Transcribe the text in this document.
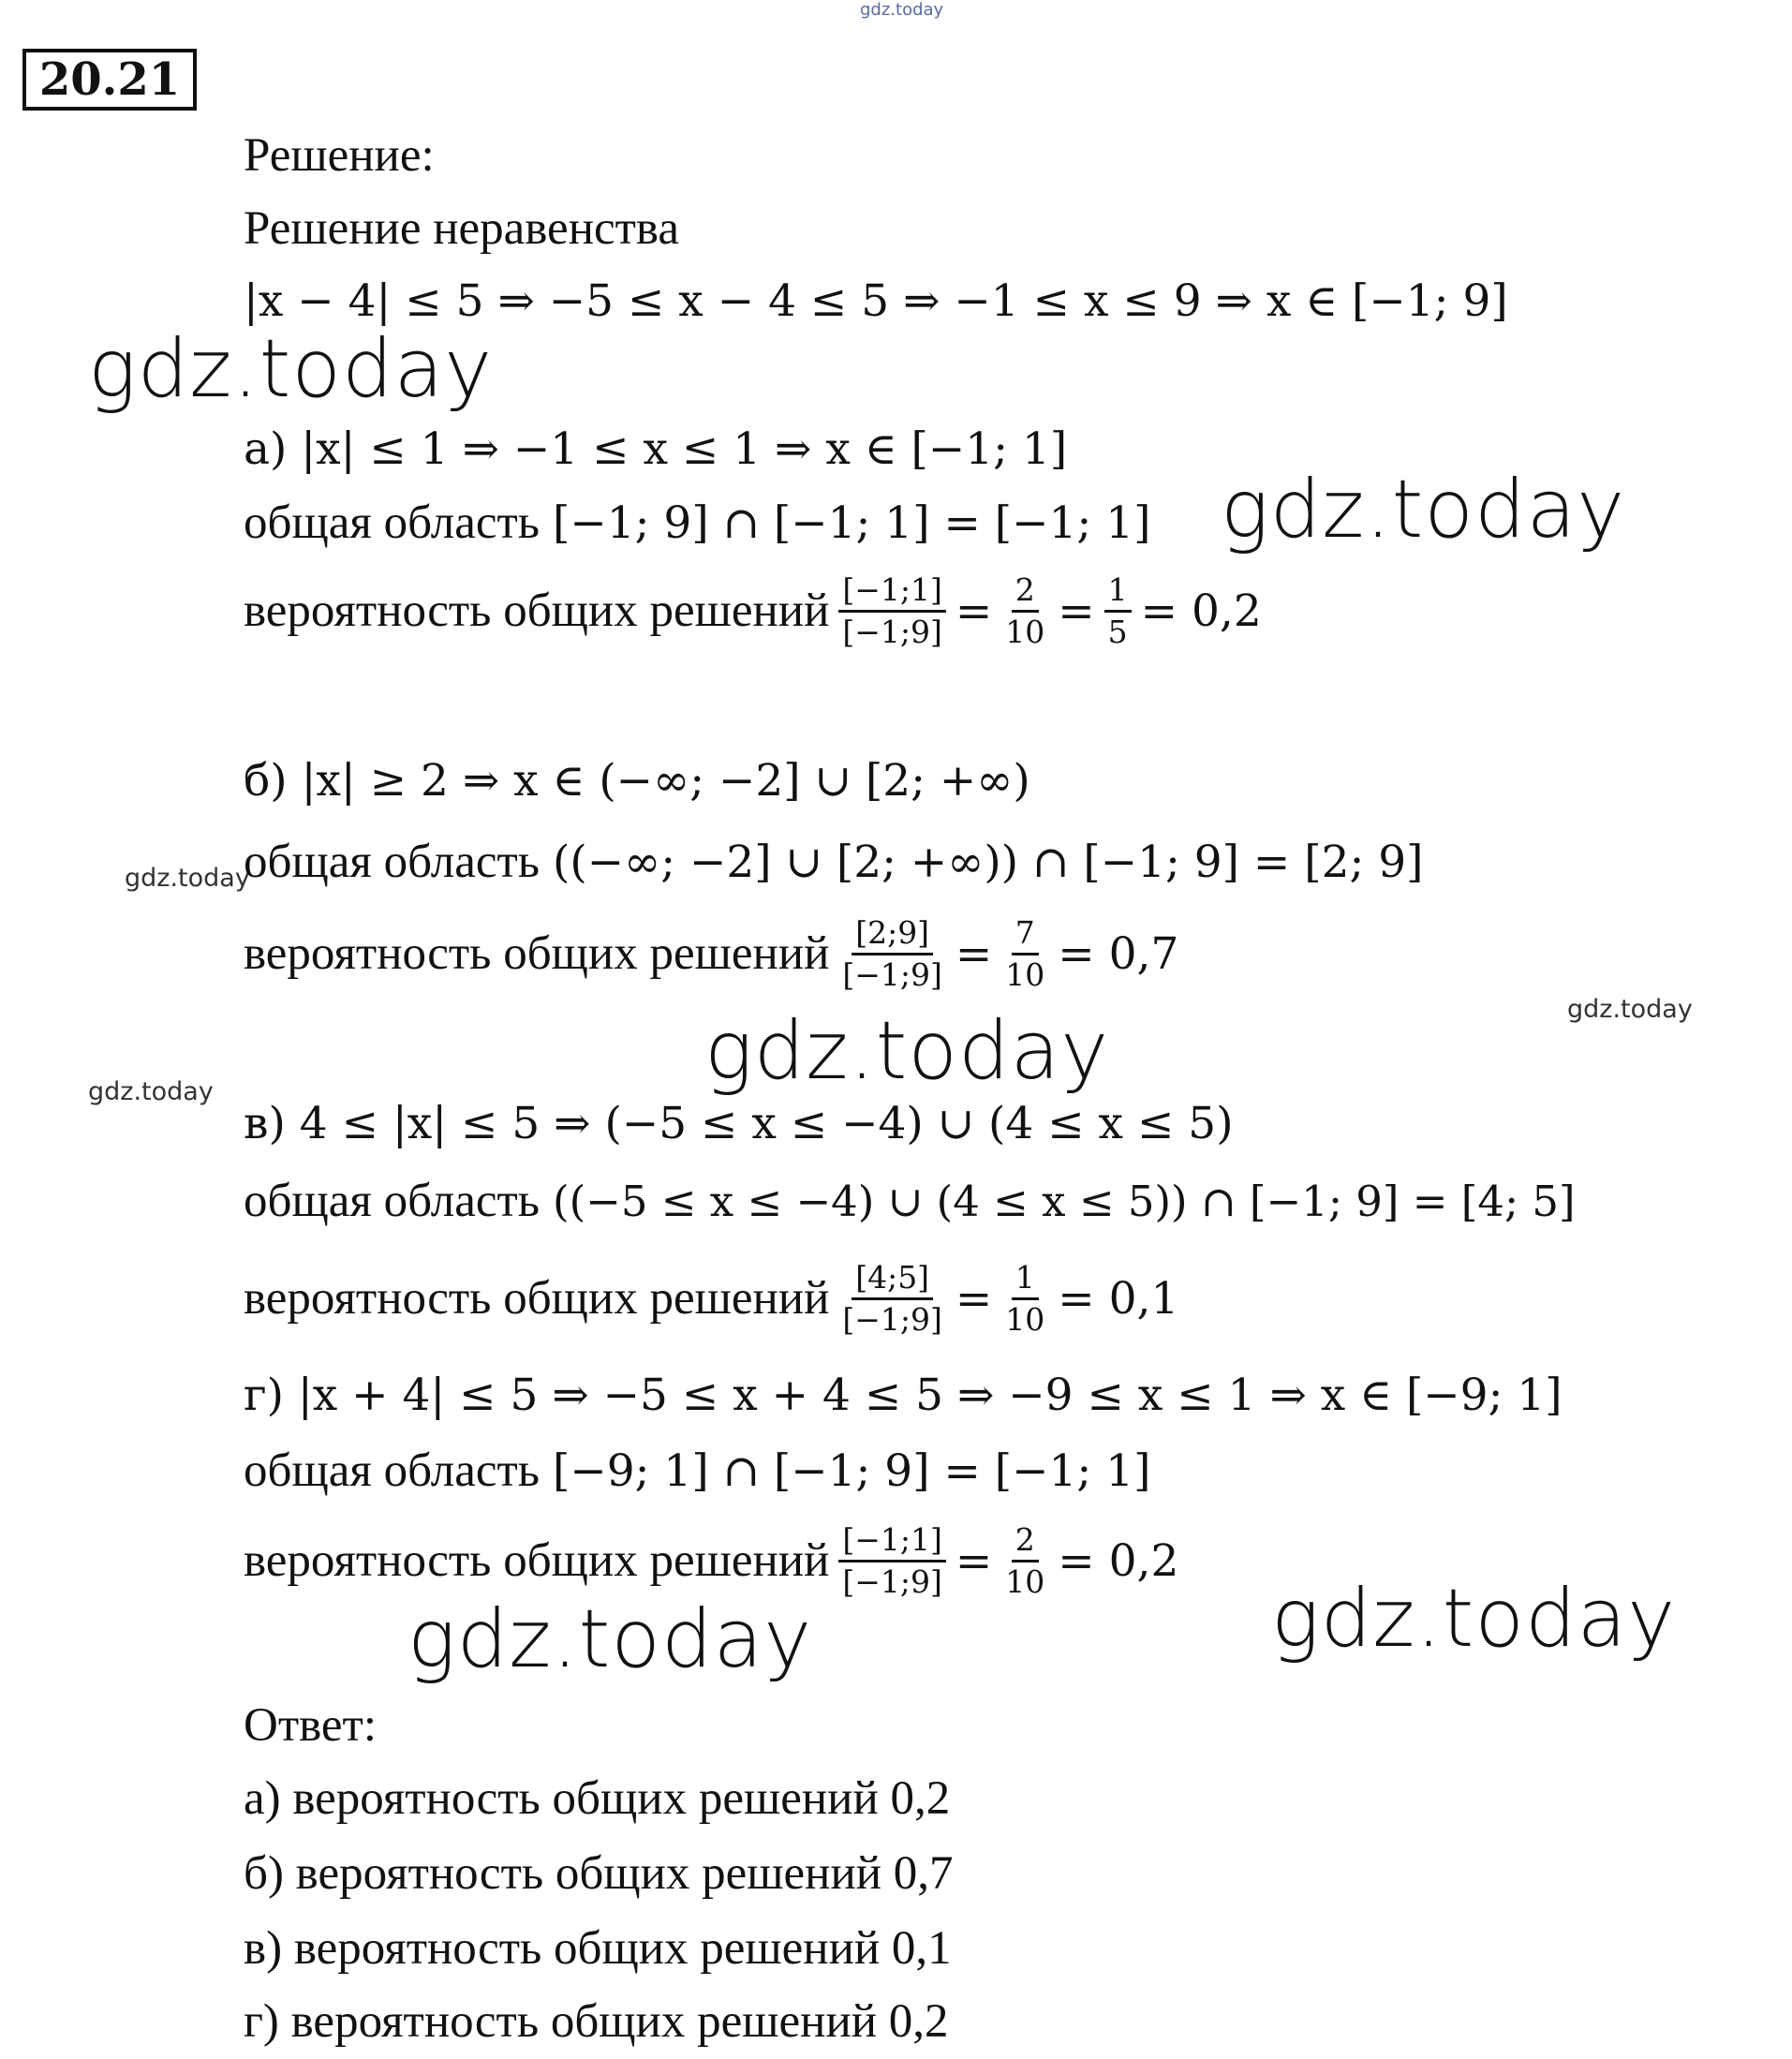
20.21
gdz.today
Решение:
Решение неравенства
|x − 4| ≤ 5 ⇒ −5 ≤ x − 4 ≤ 5 ⇒ −1 ≤ x ≤ 9 ⇒ x ∈ [−1; 9]
gdz.today
а) |x| ≤ 1 ⇒ −1 ≤ x ≤ 1 ⇒ x ∈ [−1; 1]
общая область [−1; 9] ∩ [−1; 1] = [−1; 1] gdz.today
вероятность общих решений $\frac{[-1;1]}{[-1;9]} = \frac{2}{10} = \frac{1}{5} = 0,2$
б) |x| ≥ 2 ⇒ x ∈ (−∞; −2] ∪ [2; +∞)
gdz.today
общая область ((−∞; −2] ∪ [2; +∞)) ∩ [−1; 9] = [2; 9]
вероятность общих решений $\frac{[2;9]}{[-1;9]} = \frac{7}{10} = 0,7$
gdz.today
gdz.today
gdz.today
в) 4 ≤ |x| ≤ 5 ⇒ (−5 ≤ x ≤ −4) ∪ (4 ≤ x ≤ 5)
общая область ((−5 ≤ x ≤ −4) ∪ (4 ≤ x ≤ 5)) ∩ [−1; 9] = [4; 5]
вероятность общих решений $\frac{[4;5]}{[-1;9]} = \frac{1}{10} = 0,1$
г) |x + 4| ≤ 5 ⇒ −5 ≤ x + 4 ≤ 5 ⇒ −9 ≤ x ≤ 1 ⇒ x ∈ [−9; 1]
общая область [−9; 1] ∩ [−1; 9] = [−1; 1]
вероятность общих решений $\frac{[-1;1]}{[-1;9]} = \frac{2}{10} = 0,2$
gdz.today
gdz.today
Ответ:
а) вероятность общих решений 0,2
б) вероятность общих решений 0,7
в) вероятность общих решений 0,1
г) вероятность общих решений 0,2
